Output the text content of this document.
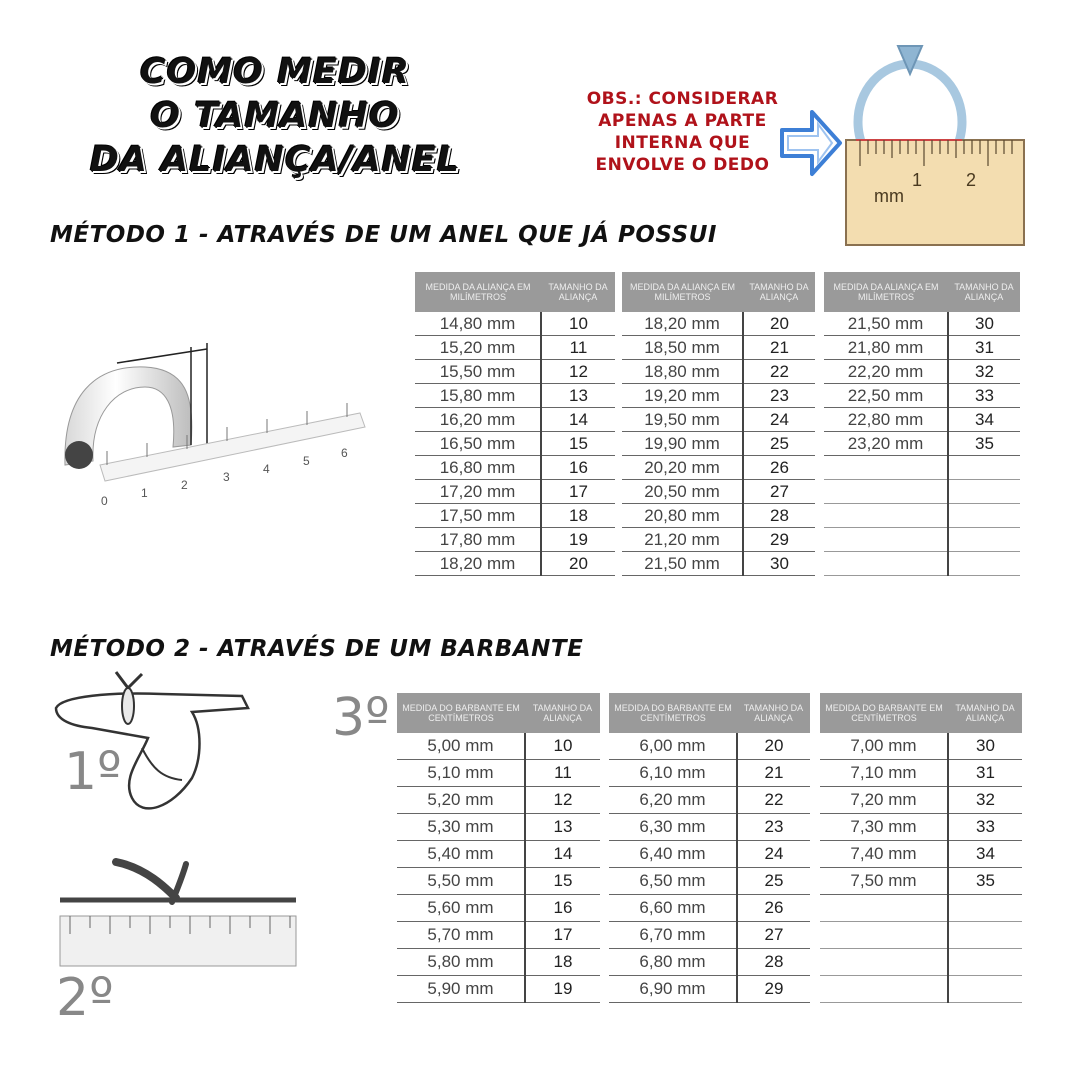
COMO MEDIR
O TAMANHO
DA ALIANÇA/ANEL
OBS.: CONSIDERAR
APENAS A PARTE
INTERNA QUE
ENVOLVE O DEDO
mm
1 2
MÉTODO 1 - ATRAVÉS DE UM ANEL QUE JÁ POSSUI
0
1
2
3
4
5
6
MEDIDA DA ALIANÇA EM MILÍMETROS	TAMANHO DA ALIANÇA
14,80 mm	10
15,20 mm	11
15,50 mm	12
15,80 mm	13
16,20 mm	14
16,50 mm	15
16,80 mm	16
17,20 mm	17
17,50 mm	18
17,80 mm	19
18,20 mm	20
MEDIDA DA ALIANÇA EM MILÍMETROS	TAMANHO DA ALIANÇA
18,20 mm	20
18,50 mm	21
18,80 mm	22
19,20 mm	23
19,50 mm	24
19,90 mm	25
20,20 mm	26
20,50 mm	27
20,80 mm	28
21,20 mm	29
21,50 mm	30
MEDIDA DA ALIANÇA EM MILÍMETROS	TAMANHO DA ALIANÇA
21,50 mm	30
21,80 mm	31
22,20 mm	32
22,50 mm	33
22,80 mm	34
23,20 mm	35

MÉTODO 2 - ATRAVÉS DE UM BARBANTE
1º
2º
3º MEDIDA DO BARBANTE EM CENTÍMETROS	TAMANHO DA ALIANÇA
5,00 mm	10
5,10 mm	11
5,20 mm	12
5,30 mm	13
5,40 mm	14
5,50 mm	15
5,60 mm	16
5,70 mm	17
5,80 mm	18
5,90 mm	19
MEDIDA DO BARBANTE EM CENTÍMETROS	TAMANHO DA ALIANÇA
6,00 mm	20
6,10 mm	21
6,20 mm	22
6,30 mm	23
6,40 mm	24
6,50 mm	25
6,60 mm	26
6,70 mm	27
6,80 mm	28
6,90 mm	29
MEDIDA DO BARBANTE EM CENTÍMETROS	TAMANHO DA ALIANÇA
7,00 mm	30
7,10 mm	31
7,20 mm	32
7,30 mm	33
7,40 mm	34
7,50 mm	35
